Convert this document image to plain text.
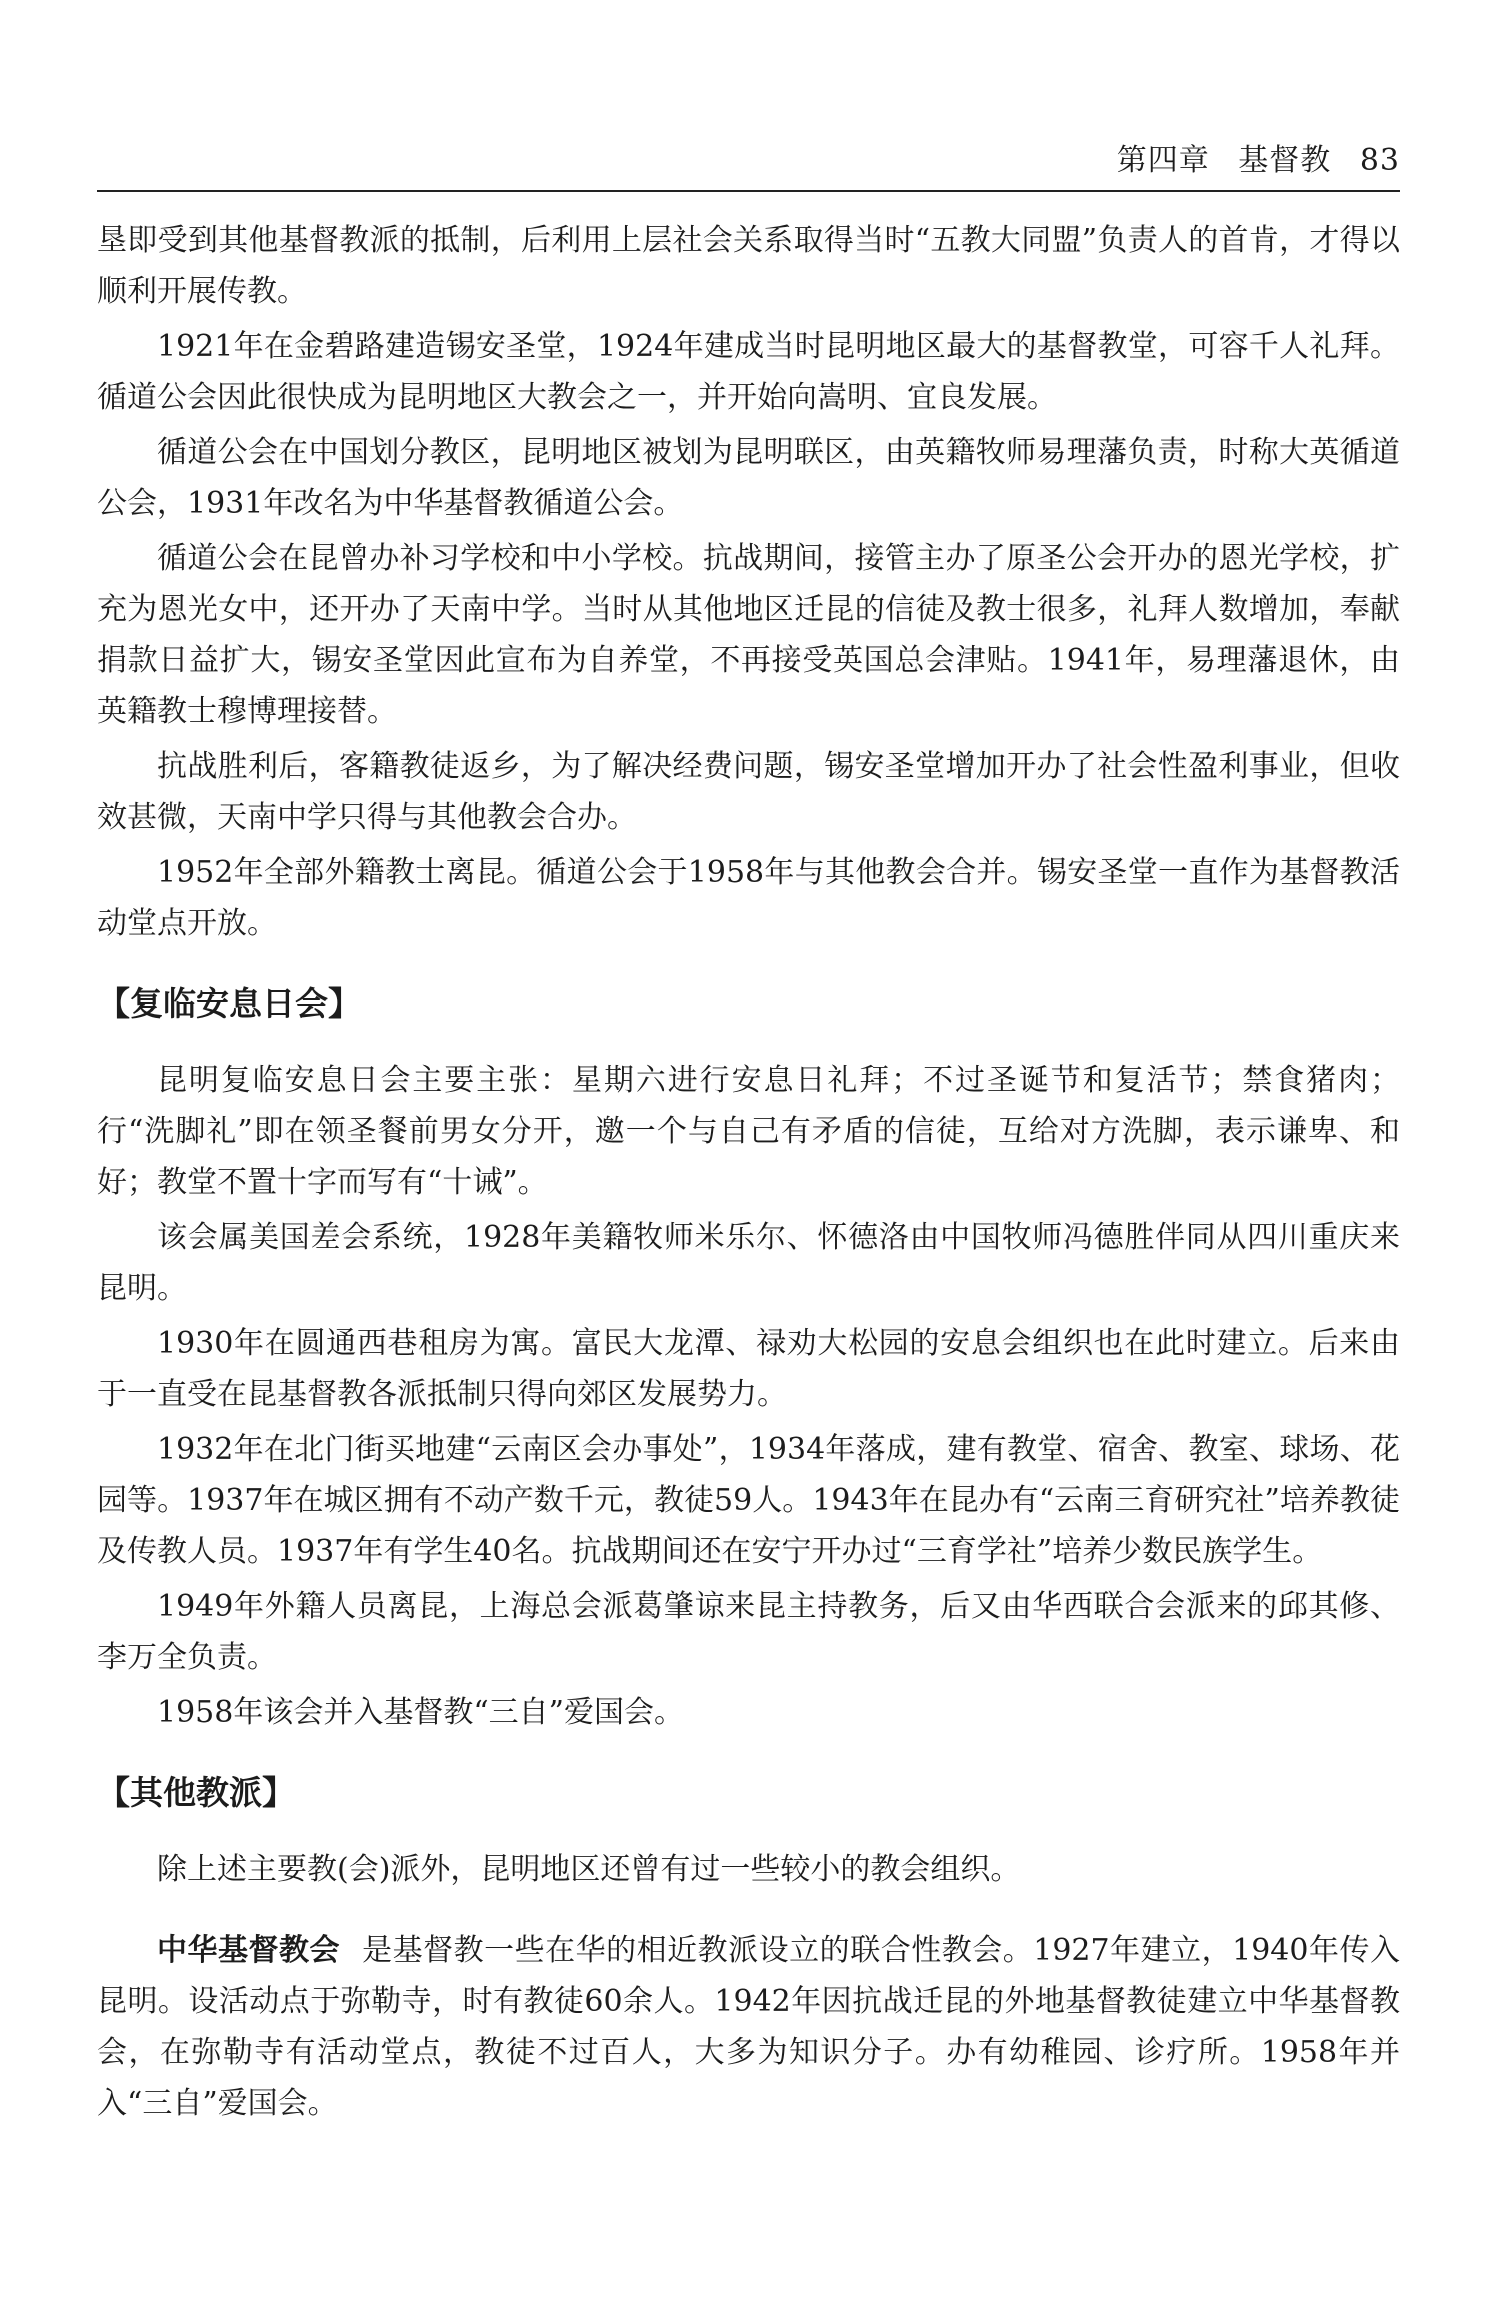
第四章 基督教 83

垦即受到其他基督教派的抵制，后利用上层社会关系取得当时“五教大同盟”负责人的首肯，才得以顺利开展传教。

1921年在金碧路建造锡安圣堂，1924年建成当时昆明地区最大的基督教堂，可容千人礼拜。循道公会因此很快成为昆明地区大教会之一，并开始向嵩明、宜良发展。

循道公会在中国划分教区，昆明地区被划为昆明联区，由英籍牧师易理藩负责，时称大英循道公会，1931年改名为中华基督教循道公会。

循道公会在昆曾办补习学校和中小学校。抗战期间，接管主办了原圣公会开办的恩光学校，扩充为恩光女中，还开办了天南中学。当时从其他地区迁昆的信徒及教士很多，礼拜人数增加，奉献捐款日益扩大，锡安圣堂因此宣布为自养堂，不再接受英国总会津贴。1941年，易理藩退休，由英籍教士穆博理接替。

抗战胜利后，客籍教徒返乡，为了解决经费问题，锡安圣堂增加开办了社会性盈利事业，但收效甚微，天南中学只得与其他教会合办。

1952年全部外籍教士离昆。循道公会于1958年与其他教会合并。锡安圣堂一直作为基督教活动堂点开放。

【复临安息日会】

昆明复临安息日会主要主张：星期六进行安息日礼拜；不过圣诞节和复活节；禁食猪肉；行“洗脚礼”即在领圣餐前男女分开，邀一个与自己有矛盾的信徒，互给对方洗脚，表示谦卑、和好；教堂不置十字而写有“十诫”。

该会属美国差会系统，1928年美籍牧师米乐尔、怀德洛由中国牧师冯德胜伴同从四川重庆来昆明。

1930年在圆通西巷租房为寓。富民大龙潭、禄劝大松园的安息会组织也在此时建立。后来由于一直受在昆基督教各派抵制只得向郊区发展势力。

1932年在北门街买地建“云南区会办事处”，1934年落成，建有教堂、宿舍、教室、球场、花园等。1937年在城区拥有不动产数千元，教徒59人。1943年在昆办有“云南三育研究社”培养教徒及传教人员。1937年有学生40名。抗战期间还在安宁开办过“三育学社”培养少数民族学生。

1949年外籍人员离昆，上海总会派葛肇谅来昆主持教务，后又由华西联合会派来的邱其修、李万全负责。

1958年该会并入基督教“三自”爱国会。

【其他教派】

除上述主要教(会)派外，昆明地区还曾有过一些较小的教会组织。

中华基督教会 是基督教一些在华的相近教派设立的联合性教会。1927年建立，1940年传入昆明。设活动点于弥勒寺，时有教徒60余人。1942年因抗战迁昆的外地基督教徒建立中华基督教会，在弥勒寺有活动堂点，教徒不过百人，大多为知识分子。办有幼稚园、诊疗所。1958年并入“三自”爱国会。
